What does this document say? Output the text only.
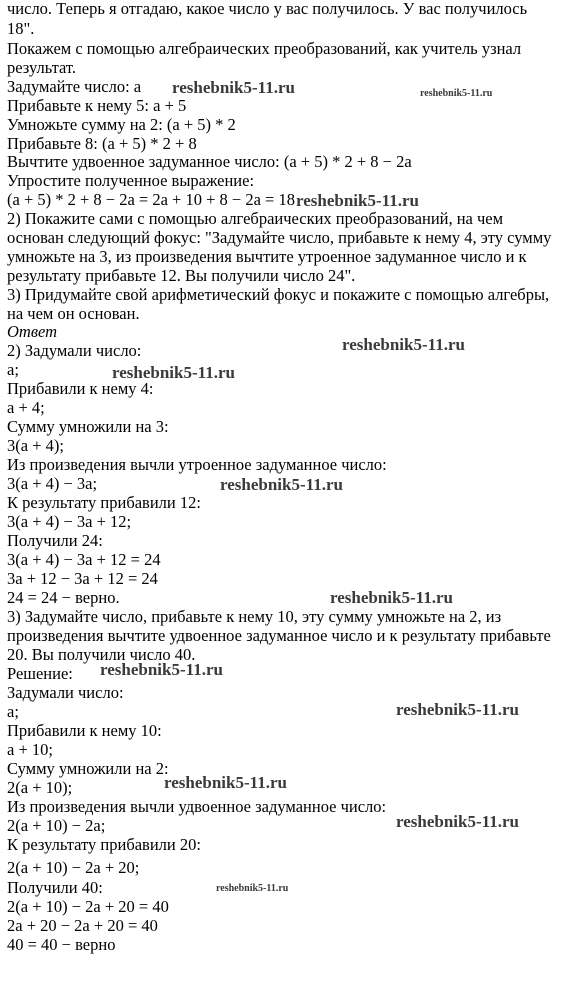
число. Теперь я отгадаю, какое число у вас получилось. У вас получилось
18".
Покажем с помощью алгебраических преобразований, как учитель узнал
результат.
Задумайте число: а
Прибавьте к нему 5: а + 5
Умножьте сумму на 2: (а + 5) * 2
Прибавьте 8: (а + 5) * 2 + 8
Вычтите удвоенное задуманное число: (а + 5) * 2 + 8 − 2а
Упростите полученное выражение:
(а + 5) * 2 + 8 − 2а = 2а + 10 + 8 − 2а = 18
2) Покажите сами с помощью алгебраических преобразований, на чем
основан следующий фокус: "Задумайте число, прибавьте к нему 4, эту сумму
умножьте на 3, из произведения вычтите утроенное задуманное число и к
результату прибавьте 12. Вы получили число 24".
3) Придумайте свой арифметический фокус и покажите с помощью алгебры,
на чем он основан.
Ответ
2) Задумали число:
a;
Прибавили к нему 4:
a + 4;
Сумму умножили на 3:
3(a + 4);
Из произведения вычли утроенное задуманное число:
3(a + 4) − 3a;
К результату прибавили 12:
3(a + 4) − 3a + 12;
Получили 24:
3(a + 4) − 3a + 12 = 24
3a + 12 − 3a + 12 = 24
24 = 24 − верно.
3) Задумайте число, прибавьте к нему 10, эту сумму умножьте на 2, из
произведения вычтите удвоенное задуманное число и к результату прибавьте
20. Вы получили число 40.
Решение:
Задумали число:
a;
Прибавили к нему 10:
a + 10;
Сумму умножили на 2:
2(a + 10);
Из произведения вычли удвоенное задуманное число:
2(a + 10) − 2a;
К результату прибавили 20:
2(a + 10) − 2a + 20;
Получили 40:
2(a + 10) − 2a + 20 = 40
2a + 20 − 2a + 20 = 40
40 = 40 − верно
reshebnik5-11.ru	reshebnik5-11.ru
reshebnik5-11.ru
reshebnik5-11.ru
reshebnik5-11.ru
reshebnik5-11.ru
reshebnik5-11.ru
reshebnik5-11.ru
reshebnik5-11.ru
reshebnik5-11.ru
reshebnik5-11.ru
reshebnik5-11.ru
